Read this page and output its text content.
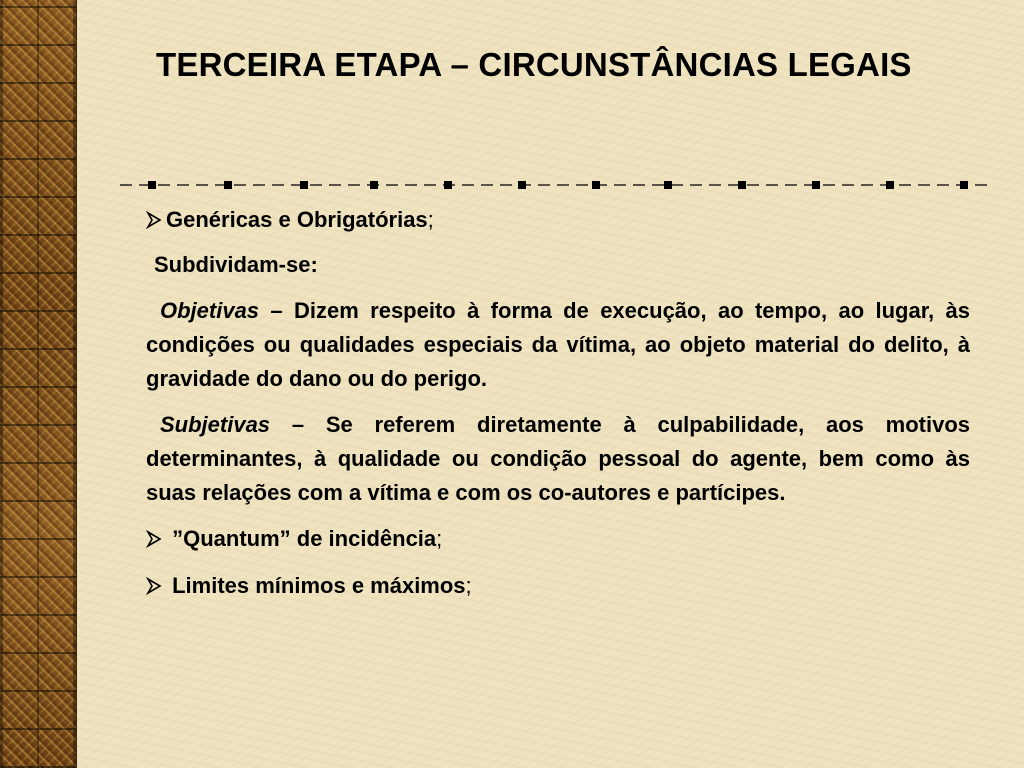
TERCEIRA ETAPA – CIRCUNSTÂNCIAS LEGAIS

Genéricas e Obrigatórias;

Subdividam-se:

Objetivas – Dizem respeito à forma de execução, ao tempo, ao lugar, às condições ou qualidades especiais da vítima, ao objeto material do delito, à gravidade do dano ou do perigo.

Subjetivas – Se referem diretamente à culpabilidade, aos motivos determinantes, à qualidade ou condição pessoal do agente, bem como às suas relações com a vítima e com os co-autores e partícipes.

”Quantum” de incidência;

Limites mínimos e máximos;
